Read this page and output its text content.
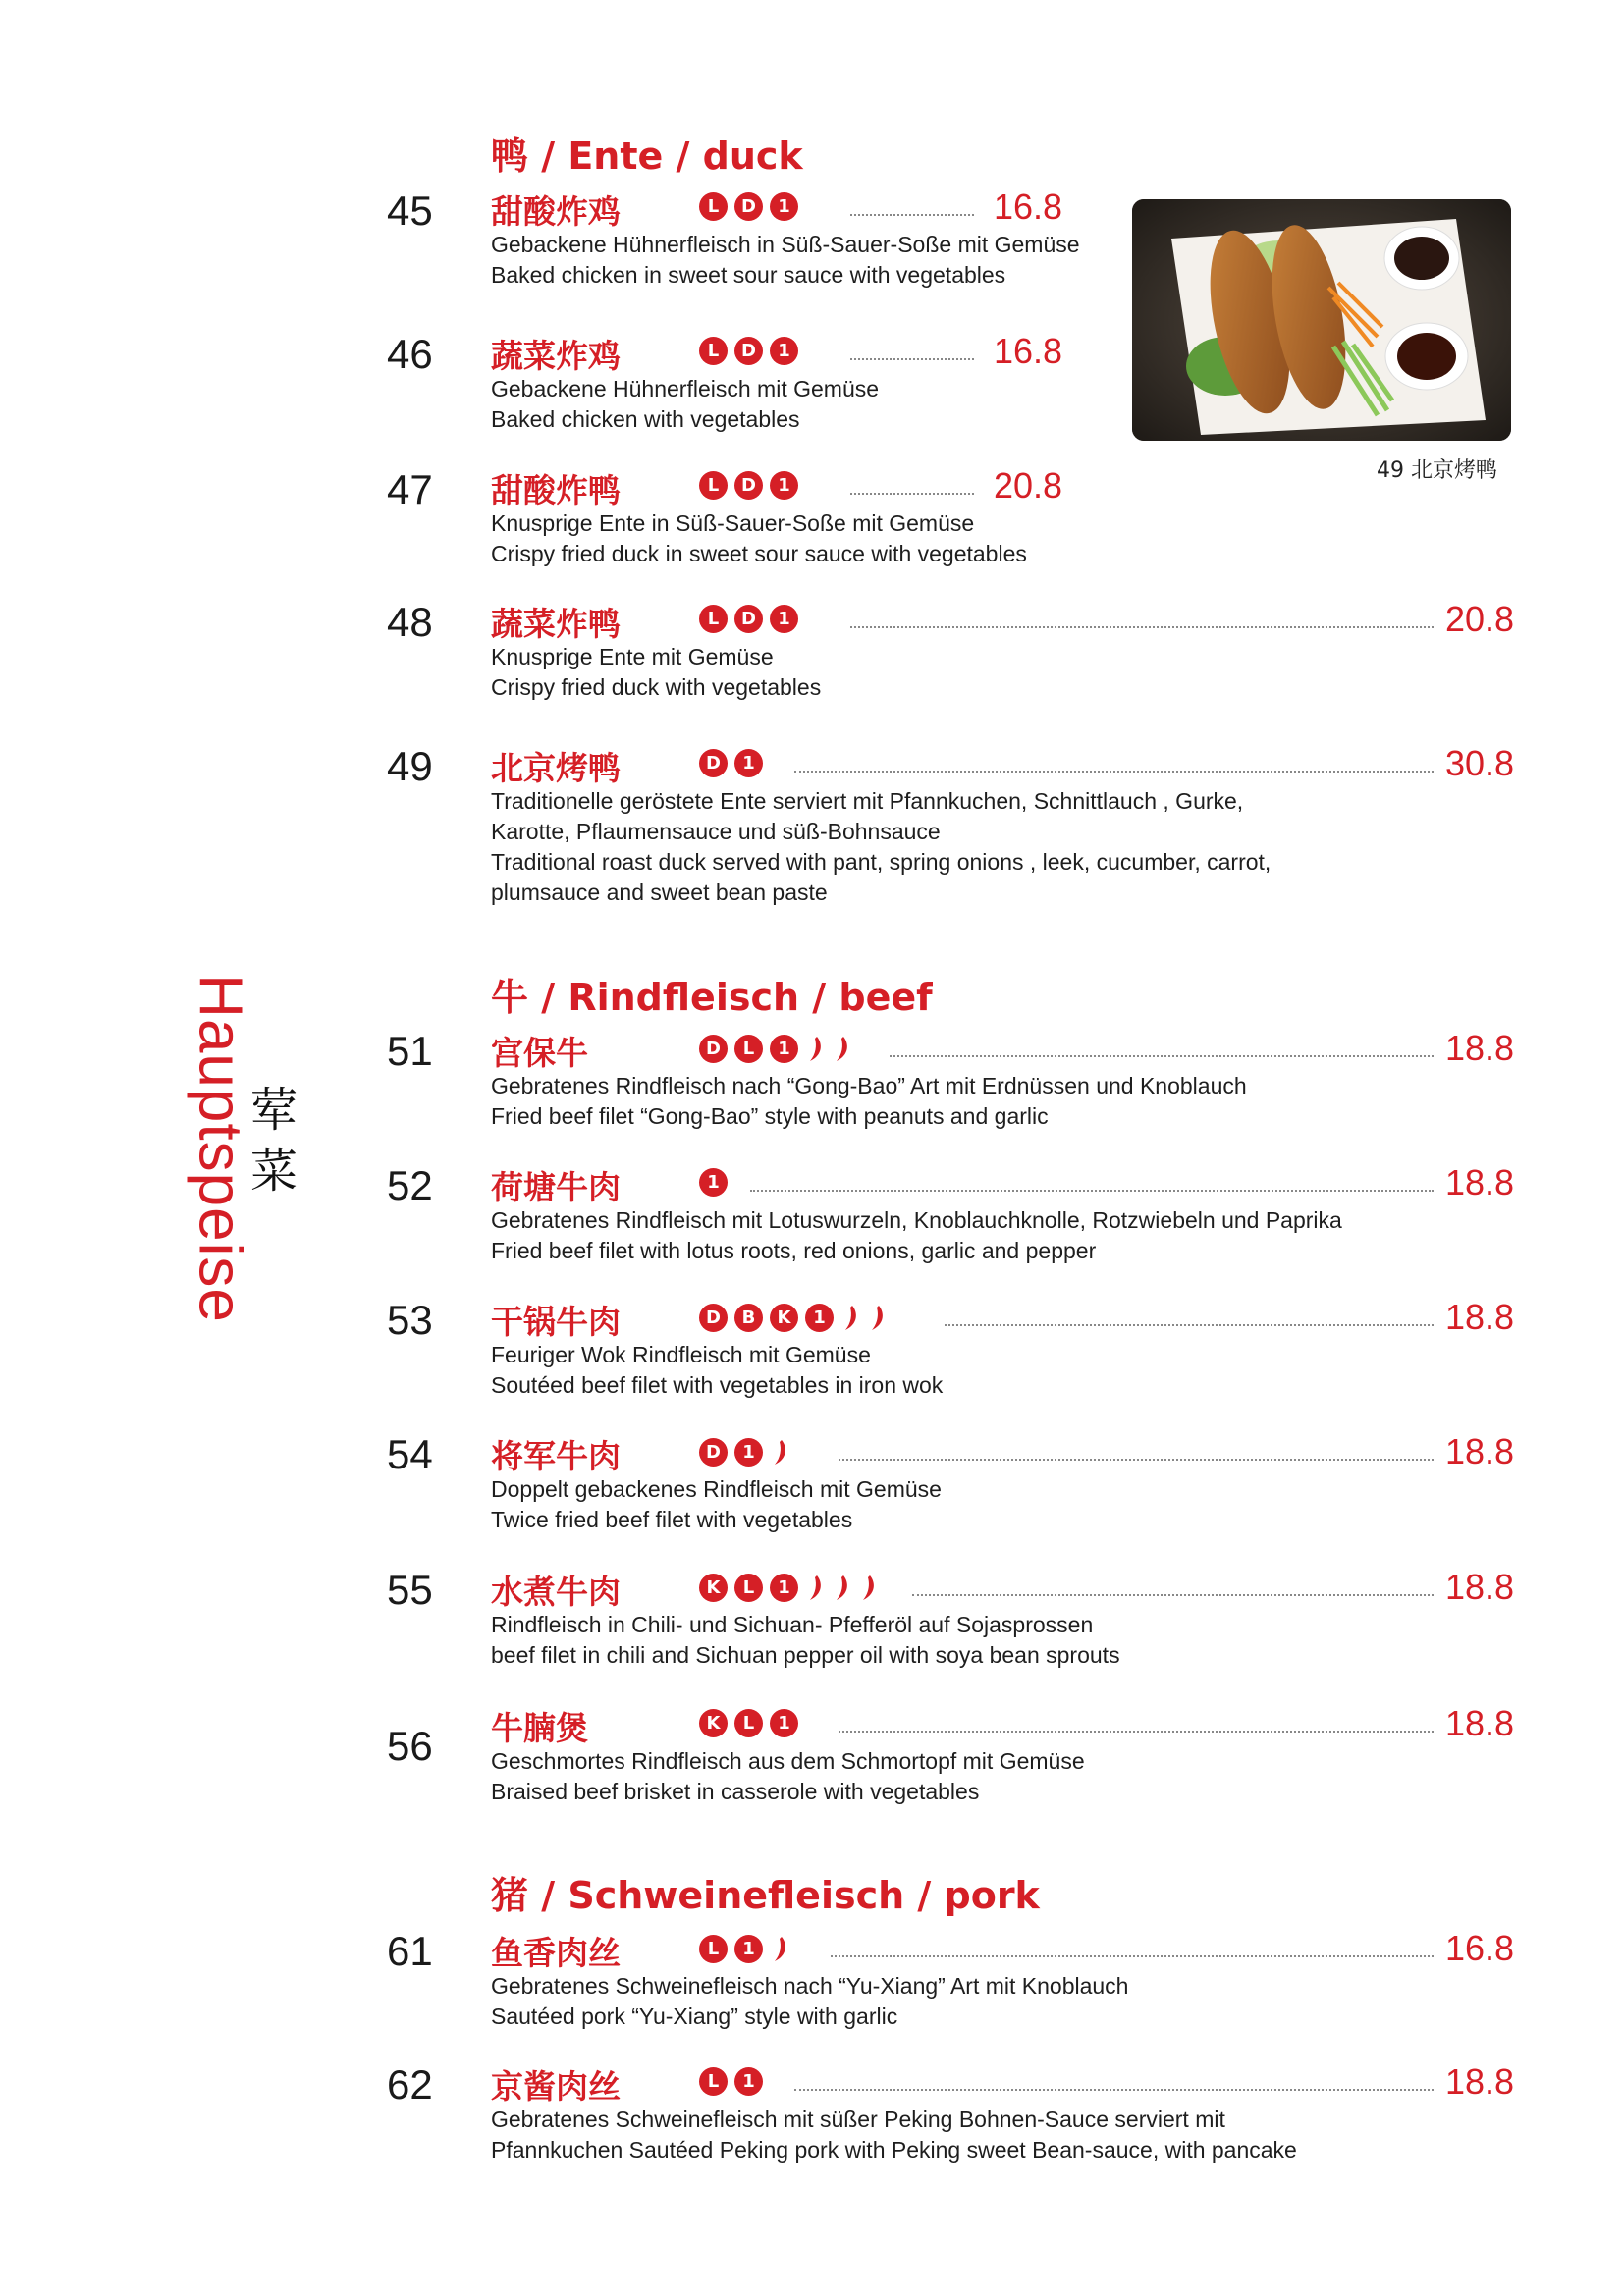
荤
菜
Hauptspeise
鸭 / Ente / duck
牛 / Rindfleisch / beef
猪 / Schweinefleisch / pork
49 北京烤鸭
45 甜酸炸鸡	L	D	1	16.8
Gebackene Hühnerfleisch in Süß-Sauer-Soße mit Gemüse
Baked chicken in sweet sour sauce with vegetables
46 蔬菜炸鸡	L	D	1	16.8
Gebackene Hühnerfleisch mit Gemüse
Baked chicken with vegetables
47 甜酸炸鸭	L	D	1	20.8
Knusprige Ente in Süß-Sauer-Soße mit Gemüse
Crispy fried duck in sweet sour sauce with vegetables
48 蔬菜炸鸭	L	D	1	20.8
Knusprige Ente mit Gemüse
Crispy fried duck with vegetables
49 北京烤鸭	D	1	30.8
Traditionelle geröstete Ente serviert mit Pfannkuchen, Schnittlauch , Gurke,
Karotte, Pflaumensauce und süß-Bohnsauce
Traditional roast duck served with pant, spring onions , leek, cucumber, carrot,
plumsauce and sweet bean paste
51 宫保牛	D	L	1	18.8
Gebratenes Rindfleisch nach “Gong-Bao” Art mit Erdnüssen und Knoblauch
Fried beef filet “Gong-Bao” style with peanuts and garlic
52 荷塘牛肉	1	18.8
Gebratenes Rindfleisch mit Lotuswurzeln, Knoblauchknolle, Rotzwiebeln und Paprika
Fried beef filet with lotus roots, red onions, garlic and pepper
53 干锅牛肉	D	B	K	1	18.8
Feuriger Wok Rindfleisch mit Gemüse
Soutéed beef filet with vegetables in iron wok
54 将军牛肉	D	1	18.8
Doppelt gebackenes Rindfleisch mit Gemüse
Twice fried beef filet with vegetables
55 水煮牛肉	K	L	1	18.8
Rindfleisch in Chili- und Sichuan- Pfefferöl auf Sojasprossen
beef filet in chili and Sichuan pepper oil with soya bean sprouts
56 牛腩煲	K	L	1	18.8
Geschmortes Rindfleisch aus dem Schmortopf mit Gemüse
Braised beef brisket in casserole with vegetables
61 鱼香肉丝	L	1	16.8
Gebratenes Schweinefleisch nach “Yu-Xiang” Art mit Knoblauch
Sautéed pork “Yu-Xiang” style with garlic
62 京酱肉丝	L	1	18.8
Gebratenes Schweinefleisch mit süßer Peking Bohnen-Sauce serviert mit
Pfannkuchen Sautéed Peking pork with Peking sweet Bean-sauce, with pancake
